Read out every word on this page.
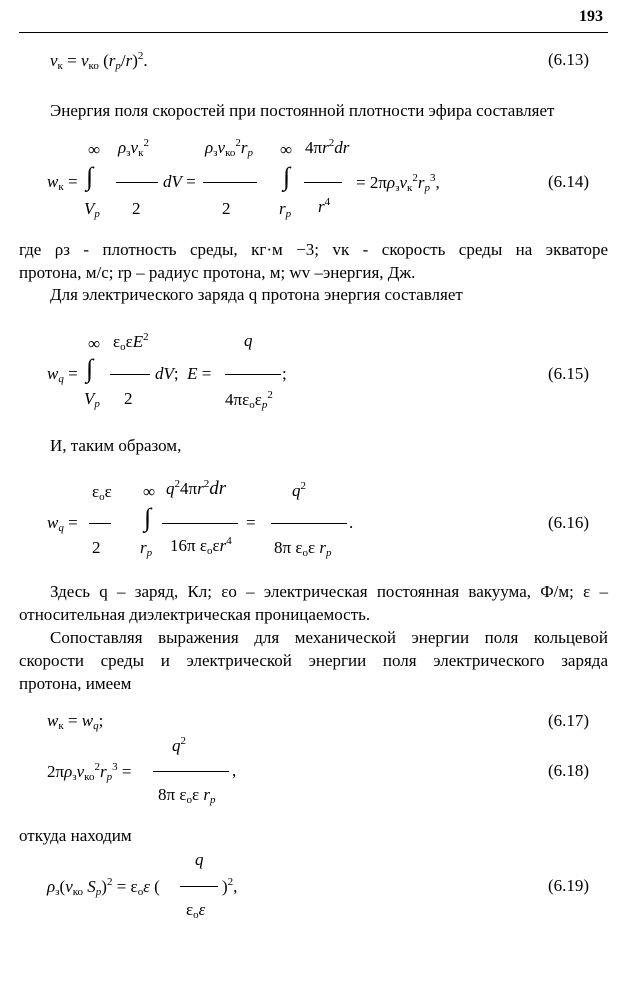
193
$v_к = v_{ко}$ $(r_p/r)^2$.	(6.13)
Энергия поля скоростей при постоянной плотности эфира составляет
∞ $\rho_зv_к^2$	$\rho_зv_{ко}^2r_p$ ∞ $4\pi r^2dr$
$w_к$ = ∫	dV =	∫	= $2\pi\rho_зv_к^2r_p^3$,
$V_p$ 2	2	$r_p$ $r^4$
(6.14)
где ρз - плотность среды, кг·м −3; vк - скорость среды на экваторе
протона, м/с; rp – радиус протона, м; wv –энергия, Дж.
Для электрического заряда q протона энергия составляет
∞ $\varepsilon_о\varepsilon E^2$	q
$w_q$ = ∫	dV;  E =	;
$V_p$ 2	$4\pi\varepsilon_о\varepsilon_p^2$
(6.15)
И, таким образом,
$\varepsilon_о\varepsilon$ ∞ $q^24\pi r^2dr$	$q^2$
$w_q$ =	∫	=	.
2 $r_p$ 16π $\varepsilon_о\varepsilon r^4$ 8π $\varepsilon_о\varepsilon$ $r_p$
(6.16)
Здесь q – заряд, Кл; εо – электрическая постоянная вакуума, Ф/м; ε –
относительная диэлектрическая проницаемость.
Сопоставляя выражения для механической энергии поля кольцевой
скорости среды и электрической энергии поля электрического заряда
протона, имеем
$w_к = w_q$;	(6.17)
$q^2$
$2\pi\rho_зv_{ко}^2r_p^3$ =	,
8π $\varepsilon_о\varepsilon$ $r_p$
(6.18)
откуда находим
q
$\rho_з(v_{ко}$ $S_p)^2 = \varepsilon_о\varepsilon$ (	)$^2$,
$\varepsilon_о\varepsilon$
(6.19)
